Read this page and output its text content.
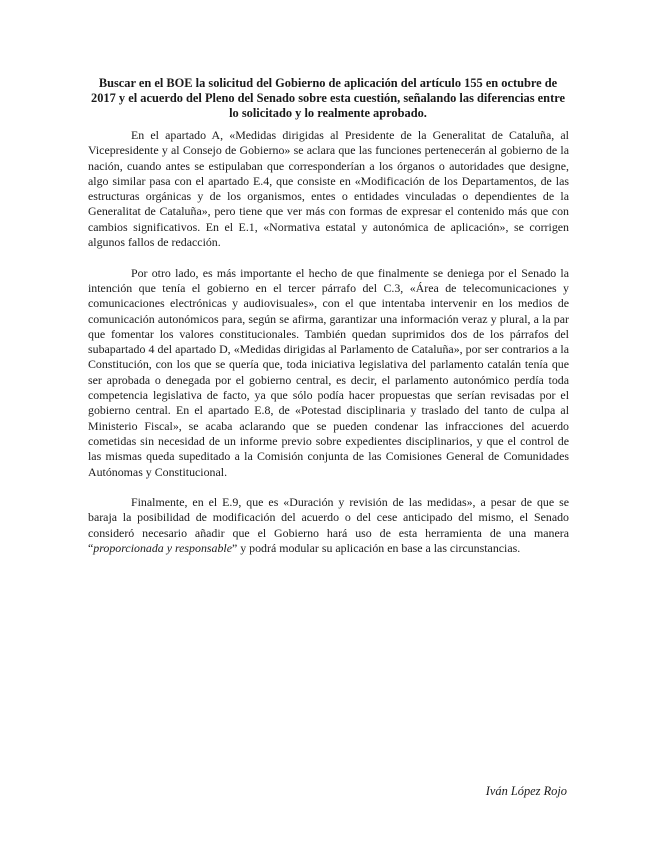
Buscar en el BOE la solicitud del Gobierno de aplicación del artículo 155 en octubre de 2017 y el acuerdo del Pleno del Senado sobre esta cuestión, señalando las diferencias entre lo solicitado y lo realmente aprobado.

En el apartado A, «Medidas dirigidas al Presidente de la Generalitat de Cataluña, al Vicepresidente y al Consejo de Gobierno» se aclara que las funciones pertenecerán al gobierno de la nación, cuando antes se estipulaban que corresponderían a los órganos o autoridades que designe, algo similar pasa con el apartado E.4, que consiste en «Modificación de los Departamentos, de las estructuras orgánicas y de los organismos, entes o entidades vinculadas o dependientes de la Generalitat de Cataluña», pero tiene que ver más con formas de expresar el contenido más que con cambios significativos. En el E.1, «Normativa estatal y autonómica de aplicación», se corrigen algunos fallos de redacción.

Por otro lado, es más importante el hecho de que finalmente se deniega por el Senado la intención que tenía el gobierno en el tercer párrafo del C.3, «Área de telecomunicaciones y comunicaciones electrónicas y audiovisuales», con el que intentaba intervenir en los medios de comunicación autonómicos para, según se afirma, garantizar una información veraz y plural, a la par que fomentar los valores constitucionales. También quedan suprimidos dos de los párrafos del subapartado 4 del apartado D, «Medidas dirigidas al Parlamento de Cataluña», por ser contrarios a la Constitución, con los que se quería que, toda iniciativa legislativa del parlamento catalán tenía que ser aprobada o denegada por el gobierno central, es decir, el parlamento autonómico perdía toda competencia legislativa de facto, ya que sólo podía hacer propuestas que serían revisadas por el gobierno central. En el apartado E.8, de «Potestad disciplinaria y traslado del tanto de culpa al Ministerio Fiscal», se acaba aclarando que se pueden condenar las infracciones del acuerdo cometidas sin necesidad de un informe previo sobre expedientes disciplinarios, y que el control de las mismas queda supeditado a la Comisión conjunta de las Comisiones General de Comunidades Autónomas y Constitucional.

Finalmente, en el E.9, que es «Duración y revisión de las medidas», a pesar de que se baraja la posibilidad de modificación del acuerdo o del cese anticipado del mismo, el Senado consideró necesario añadir que el Gobierno hará uso de esta herramienta de una manera “proporcionada y responsable” y podrá modular su aplicación en base a las circunstancias.

Iván López Rojo
